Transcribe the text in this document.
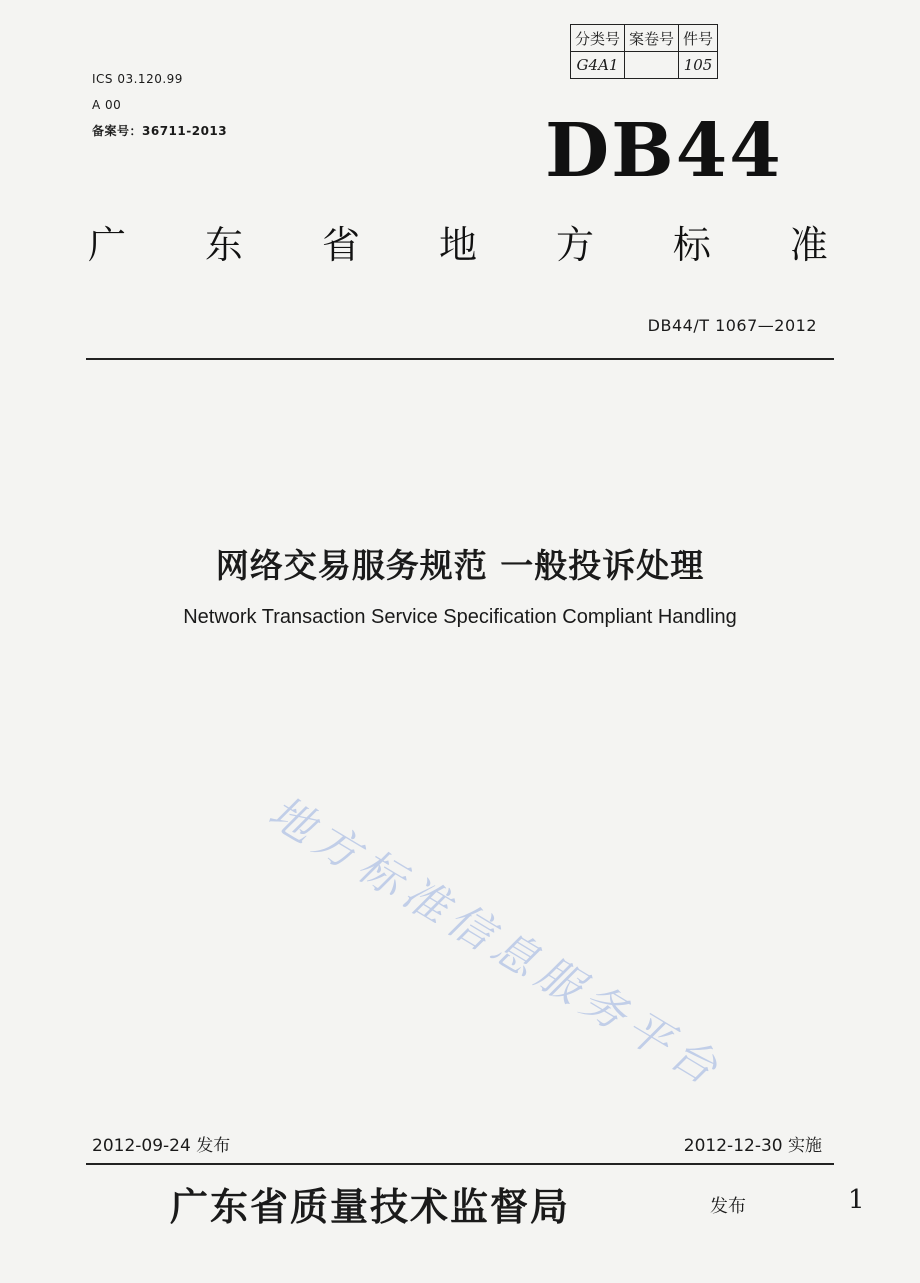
分类号	案卷号	件号
G4A1		105
ICS 03.120.99
A 00
备案号：36711-2013	DB44
广 东 省 地 方 标 准
DB44/T 1067—2012
网络交易服务规范 一般投诉处理
Network Transaction Service Specification Compliant Handling
地方标准信息服务平台
2012-09-24 发布	2012-12-30 实施
广东省质量技术监督局	发布	1
